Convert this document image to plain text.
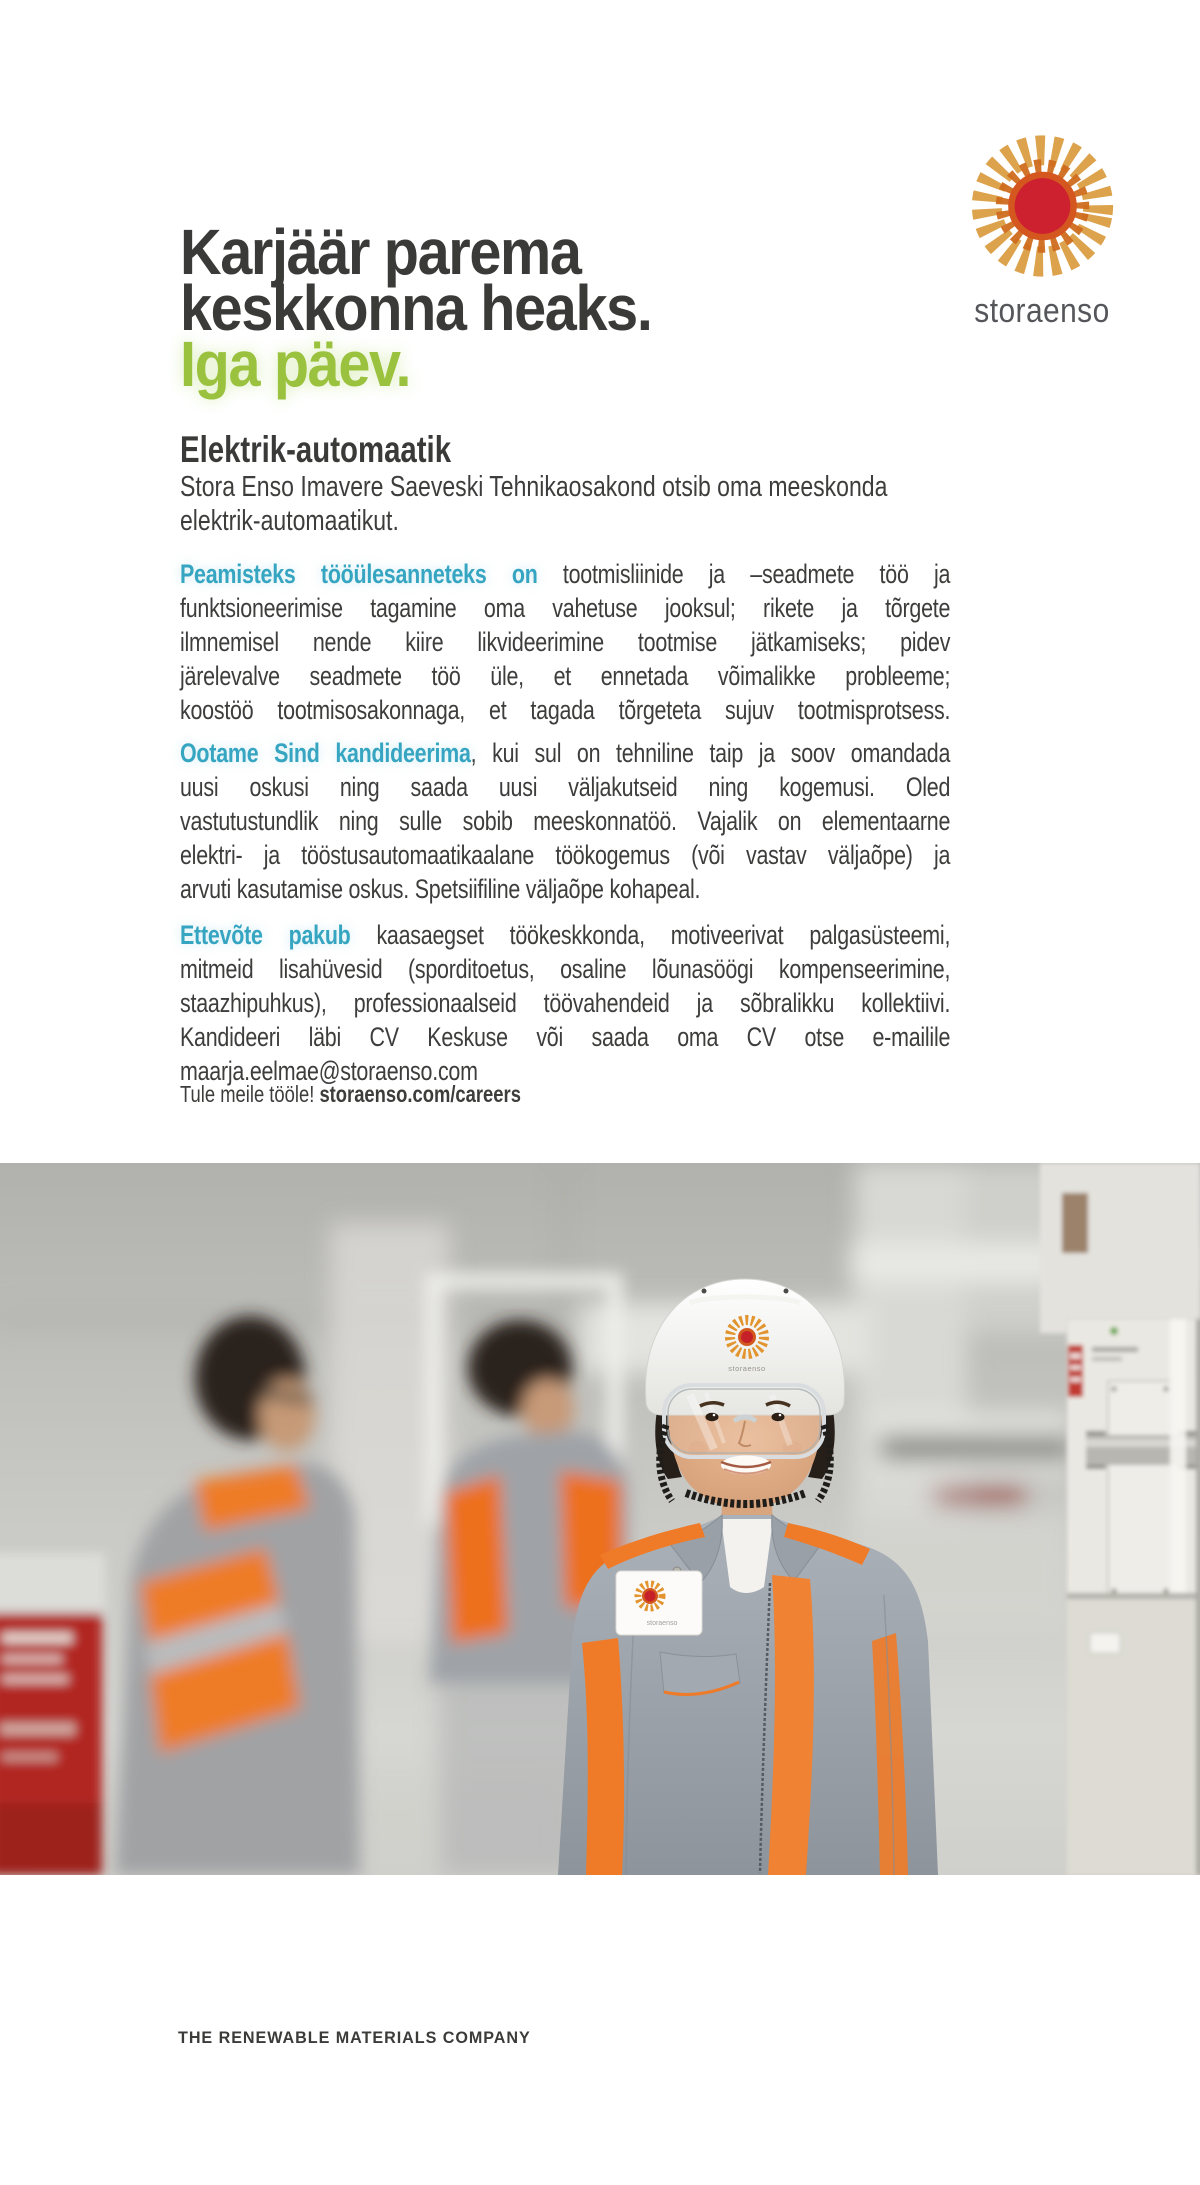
Karjäär parema
keskkonna heaks.
Iga päev.
storaenso
Elektrik-automaatik
Stora Enso Imavere Saeveski Tehnikaosakond otsib oma meeskonda
elektrik-automaatikut.
Peamisteks tööülesanneteks on tootmisliinide ja –seadmete töö ja
funktsioneerimise tagamine oma vahetuse jooksul; rikete ja tõrgete
ilmnemisel nende kiire likvideerimine tootmise jätkamiseks; pidev
järelevalve seadmete töö üle, et ennetada võimalikke probleeme;
koostöö tootmisosakonnaga, et tagada tõrgeteta sujuv tootmisprotsess.
Ootame Sind kandideerima, kui sul on tehniline taip ja soov omandada
uusi oskusi ning saada uusi väljakutseid ning kogemusi. Oled
vastutustundlik ning sulle sobib meeskonnatöö. Vajalik on elementaarne
elektri- ja tööstusautomaatikaalane töökogemus (või vastav väljaõpe) ja
arvuti kasutamise oskus. Spetsiifiline väljaõpe kohapeal.
Ettevõte pakub kaasaegset töökeskkonda, motiveerivat palgasüsteemi,
mitmeid lisahüvesid (sporditoetus, osaline lõunasöögi kompenseerimine,
staazhipuhkus), professionaalseid töövahendeid ja sõbralikku kollektiivi.
Kandideeri läbi CV Keskuse või saada oma CV otse e-mailile
maarja.eelmae@storaenso.com
Tule meile tööle! storaenso.com/careers
storaenso
storaenso
THE RENEWABLE MATERIALS COMPANY
